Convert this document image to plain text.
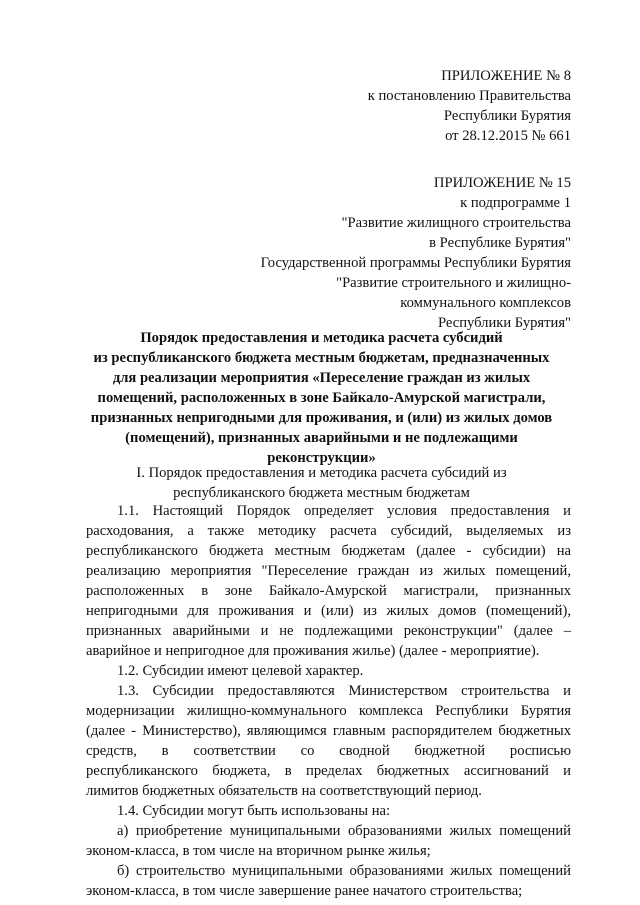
ПРИЛОЖЕНИЕ № 8
к постановлению Правительства
Республики Бурятия
от 28.12.2015 № 661
ПРИЛОЖЕНИЕ № 15
к подпрограмме 1
"Развитие жилищного строительства
в Республике Бурятия"
Государственной программы Республики Бурятия
"Развитие строительного и жилищно-
коммунального комплексов
Республики Бурятия"
Порядок предоставления и методика расчета субсидий
из республиканского бюджета местным бюджетам, предназначенных
для реализации мероприятия «Переселение граждан из жилых
помещений, расположенных в зоне Байкало-Амурской магистрали,
признанных непригодными для проживания, и (или) из жилых домов
(помещений), признанных аварийными и не подлежащими
реконструкции»
I. Порядок предоставления и методика расчета субсидий из
республиканского бюджета местным бюджетам
1.1. Настоящий Порядок определяет условия предоставления и
расходования, а также методику расчета субсидий, выделяемых из
республиканского бюджета местным бюджетам (далее - субсидии) на
реализацию мероприятия "Переселение граждан из жилых помещений,
расположенных в зоне Байкало-Амурской магистрали, признанных
непригодными для проживания и (или) из жилых домов (помещений),
признанных аварийными и не подлежащими реконструкции" (далее –
аварийное и непригодное для проживания жилье) (далее - мероприятие).
1.2. Субсидии имеют целевой характер.
1.3. Субсидии предоставляются Министерством строительства и
модернизации жилищно-коммунального комплекса Республики Бурятия
(далее - Министерство), являющимся главным распорядителем бюджетных
средств, в соответствии со сводной бюджетной росписью
республиканского бюджета, в пределах бюджетных ассигнований и
лимитов бюджетных обязательств на соответствующий период.
1.4. Субсидии могут быть использованы на:
а) приобретение муниципальными образованиями жилых помещений
эконом-класса, в том числе на вторичном рынке жилья;
б) строительство муниципальными образованиями жилых помещений
эконом-класса, в том числе завершение ранее начатого строительства;
